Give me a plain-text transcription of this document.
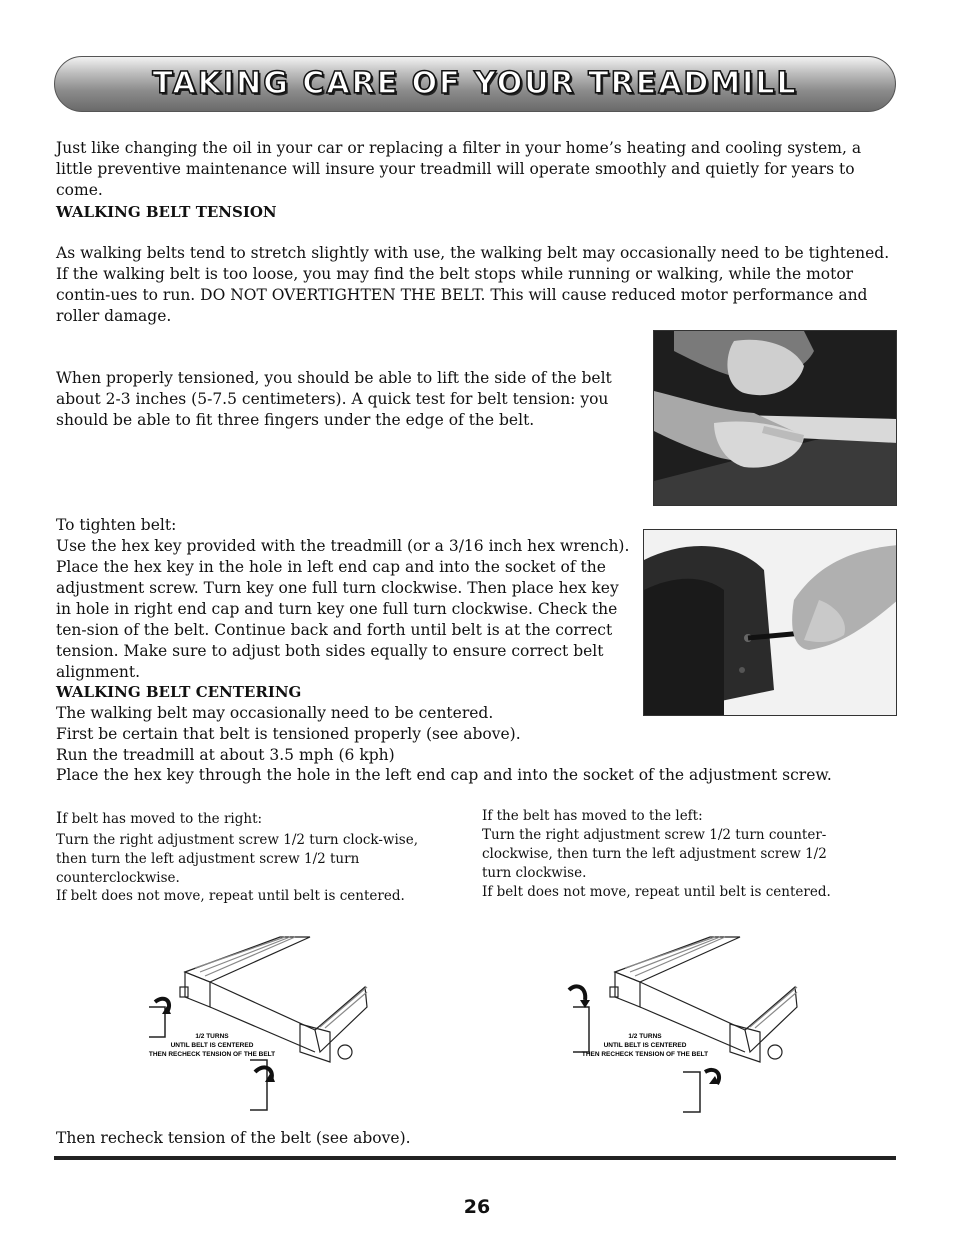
TAKING CARE OF YOUR TREADMILL

Just like changing the oil in your car or replacing a filter in your home’s heating and cooling system, a little preventive maintenance will insure your treadmill will operate smoothly and quietly for years to come.

WALKING BELT TENSION

As walking belts tend to stretch slightly with use, the walking belt may occasionally need to be tightened. If the walking belt is too loose, you may find the belt stops while running or walking, while the motor contin-ues to run. DO NOT OVERTIGHTEN THE BELT. This will cause reduced motor performance and roller damage.

When properly tensioned, you should be able to lift the side of the belt about 2-3 inches (5-7.5 centimeters). A quick test for belt tension: you should be able to fit three fingers under the edge of the belt.

To tighten belt:

Use the hex key provided with the treadmill (or a 3/16 inch hex wrench). Place the hex key in the hole in left end cap and into the socket of the adjustment screw. Turn key one full turn clockwise. Then place hex key in hole in right end cap and turn key one full turn clockwise. Check the ten-sion of the belt. Continue back and forth until belt is at the correct tension. Make sure to adjust both sides equally to ensure correct belt alignment.

WALKING BELT CENTERING

The walking belt may occasionally need to be centered.

First be certain that belt is tensioned properly (see above).

Run the treadmill at about 3.5 mph (6 kph)

Place the hex key through the hole in the left end cap and into the socket of the adjustment screw.

If belt has moved to the right:

Turn the right adjustment screw 1/2 turn clock-wise, then turn the left adjustment screw 1/2 turn counterclockwise.

If belt does not move, repeat until belt is centered.

If the belt has moved to the left:

Turn the right adjustment screw 1/2 turn counter-clockwise, then turn the left adjustment screw 1/2 turn clockwise.

If belt does not move, repeat until belt is centered.

1/2 TURNS
UNTIL BELT IS CENTERED
THEN RECHECK TENSION OF THE BELT
1/2 TURNS
UNTIL BELT IS CENTERED
THEN RECHECK TENSION OF THE BELT

Then recheck tension of the belt (see above).

26
